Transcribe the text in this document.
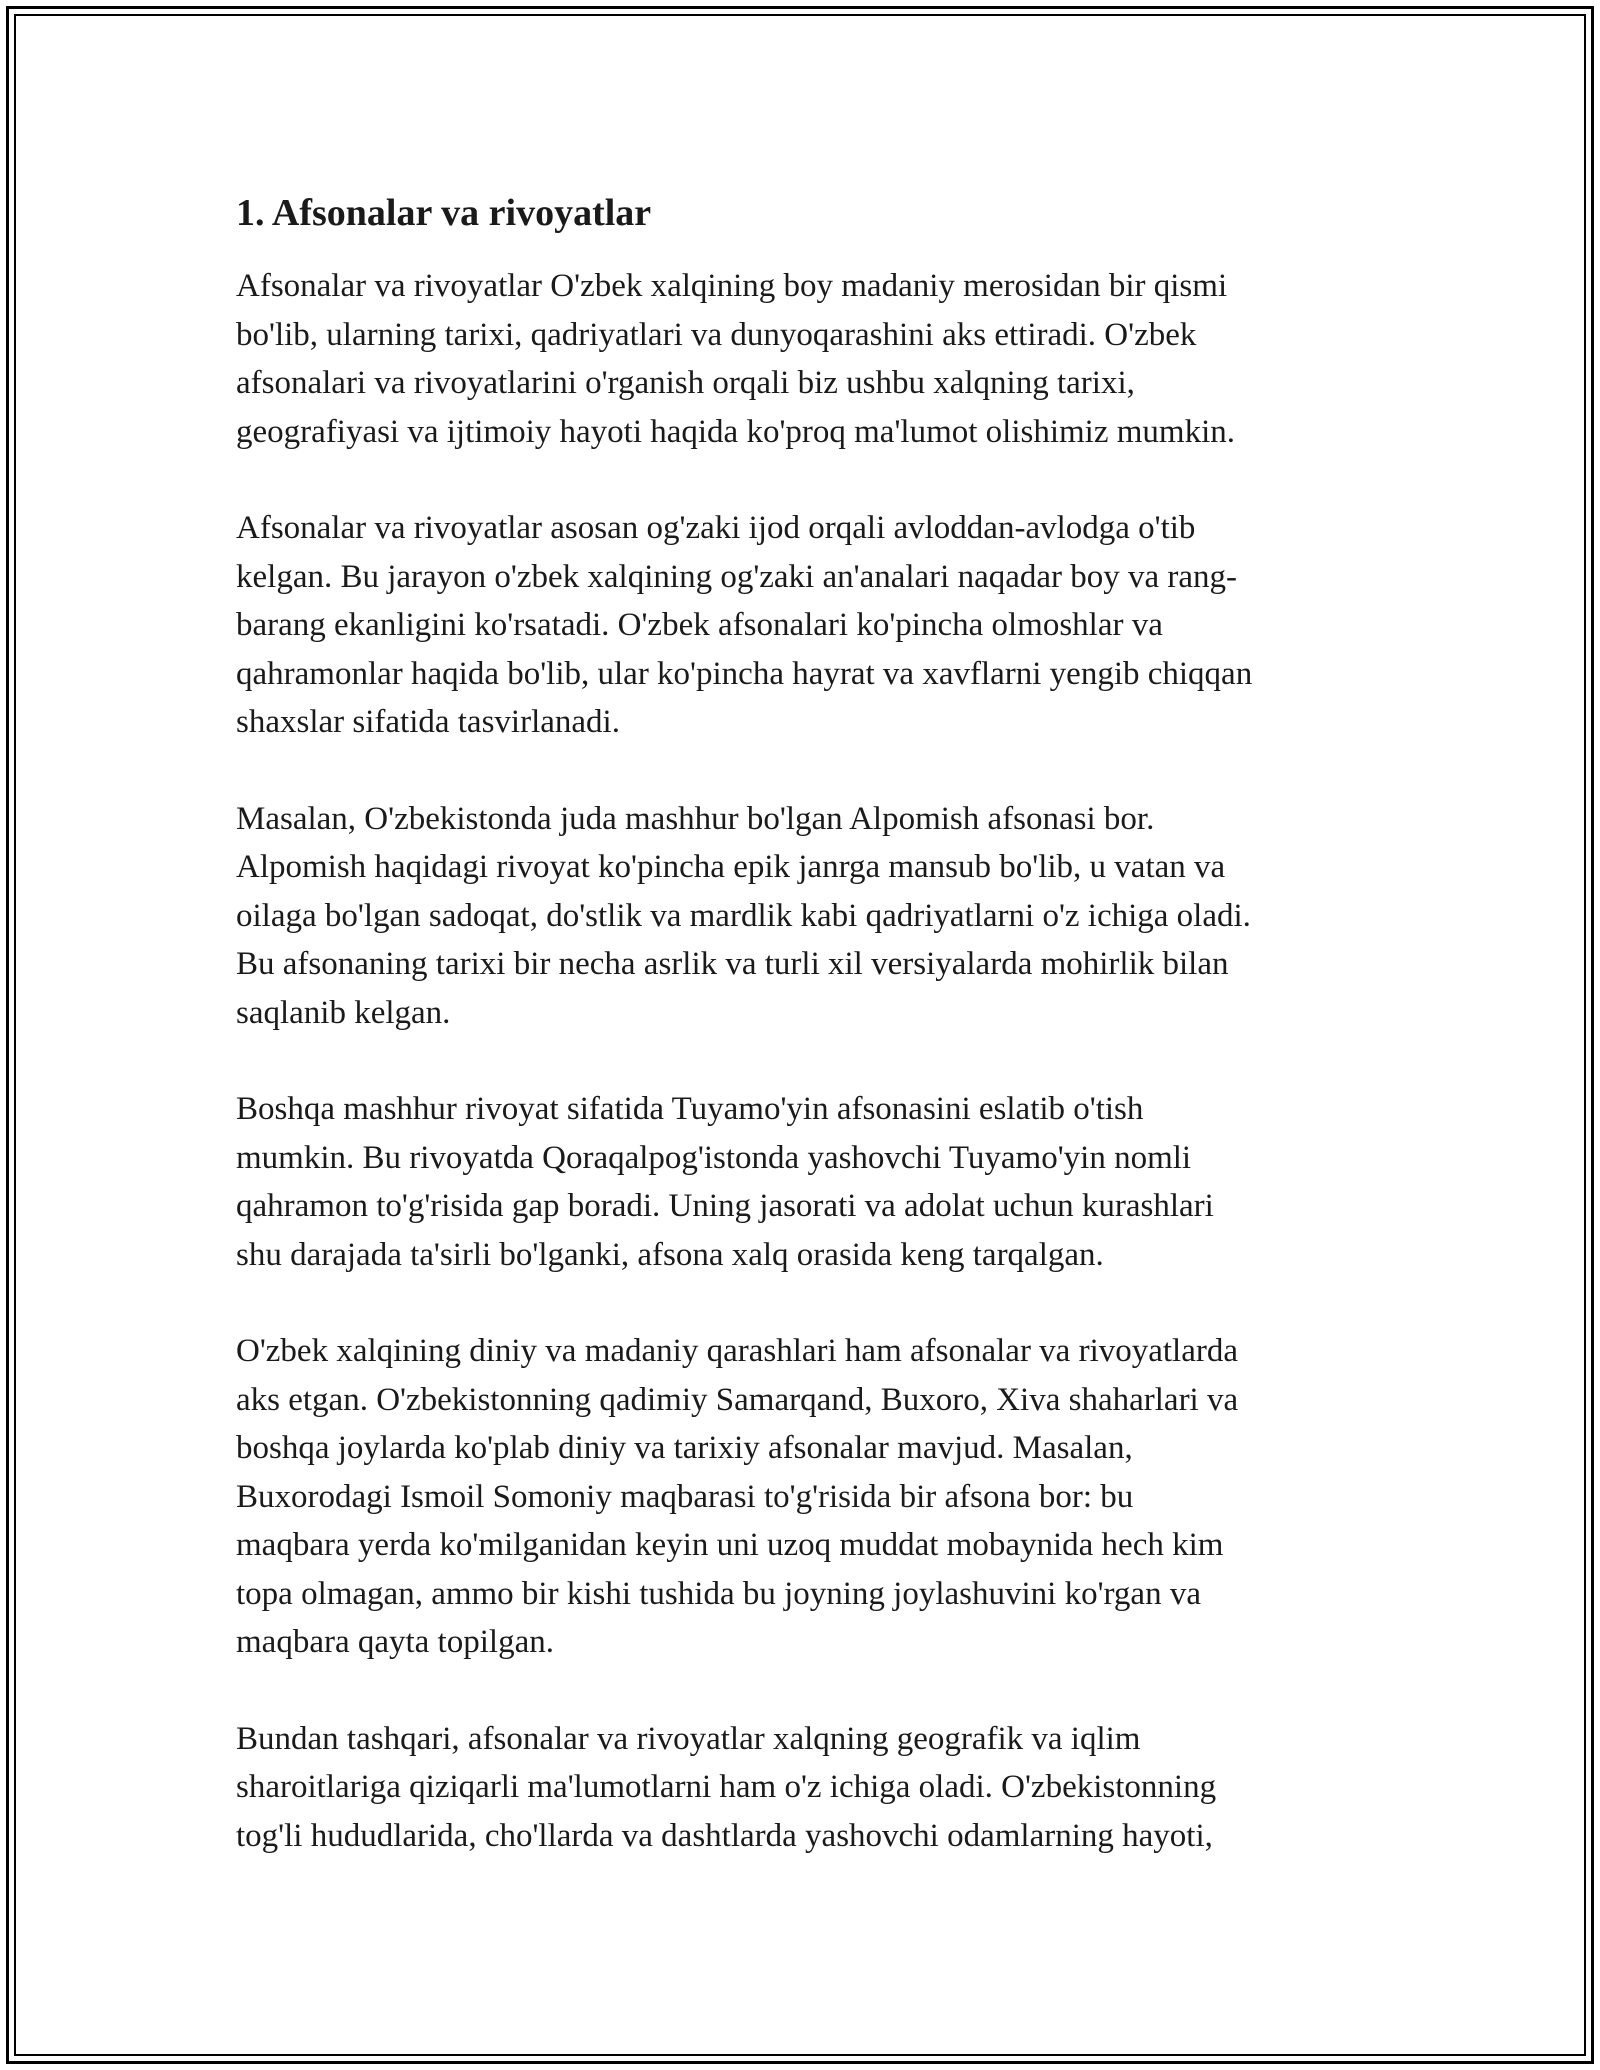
1. Afsonalar va rivoyatlar

Afsonalar va rivoyatlar O'zbek xalqining boy madaniy merosidan bir qismi
bo'lib, ularning tarixi, qadriyatlari va dunyoqarashini aks ettiradi. O'zbek
afsonalari va rivoyatlarini o'rganish orqali biz ushbu xalqning tarixi,
geografiyasi va ijtimoiy hayoti haqida ko'proq ma'lumot olishimiz mumkin.

Afsonalar va rivoyatlar asosan og'zaki ijod orqali avloddan-avlodga o'tib
kelgan. Bu jarayon o'zbek xalqining og'zaki an'analari naqadar boy va rang-
barang ekanligini ko'rsatadi. O'zbek afsonalari ko'pincha olmoshlar va
qahramonlar haqida bo'lib, ular ko'pincha hayrat va xavflarni yengib chiqqan
shaxslar sifatida tasvirlanadi.

Masalan, O'zbekistonda juda mashhur bo'lgan Alpomish afsonasi bor.
Alpomish haqidagi rivoyat ko'pincha epik janrga mansub bo'lib, u vatan va
oilaga bo'lgan sadoqat, do'stlik va mardlik kabi qadriyatlarni o'z ichiga oladi.
Bu afsonaning tarixi bir necha asrlik va turli xil versiyalarda mohirlik bilan
saqlanib kelgan.

Boshqa mashhur rivoyat sifatida Tuyamo'yin afsonasini eslatib o'tish
mumkin. Bu rivoyatda Qoraqalpog'istonda yashovchi Tuyamo'yin nomli
qahramon to'g'risida gap boradi. Uning jasorati va adolat uchun kurashlari
shu darajada ta'sirli bo'lganki, afsona xalq orasida keng tarqalgan.

O'zbek xalqining diniy va madaniy qarashlari ham afsonalar va rivoyatlarda
aks etgan. O'zbekistonning qadimiy Samarqand, Buxoro, Xiva shaharlari va
boshqa joylarda ko'plab diniy va tarixiy afsonalar mavjud. Masalan,
Buxorodagi Ismoil Somoniy maqbarasi to'g'risida bir afsona bor: bu
maqbara yerda ko'milganidan keyin uni uzoq muddat mobaynida hech kim
topa olmagan, ammo bir kishi tushida bu joyning joylashuvini ko'rgan va
maqbara qayta topilgan.

Bundan tashqari, afsonalar va rivoyatlar xalqning geografik va iqlim
sharoitlariga qiziqarli ma'lumotlarni ham o'z ichiga oladi. O'zbekistonning
tog'li hududlarida, cho'llarda va dashtlarda yashovchi odamlarning hayoti,
